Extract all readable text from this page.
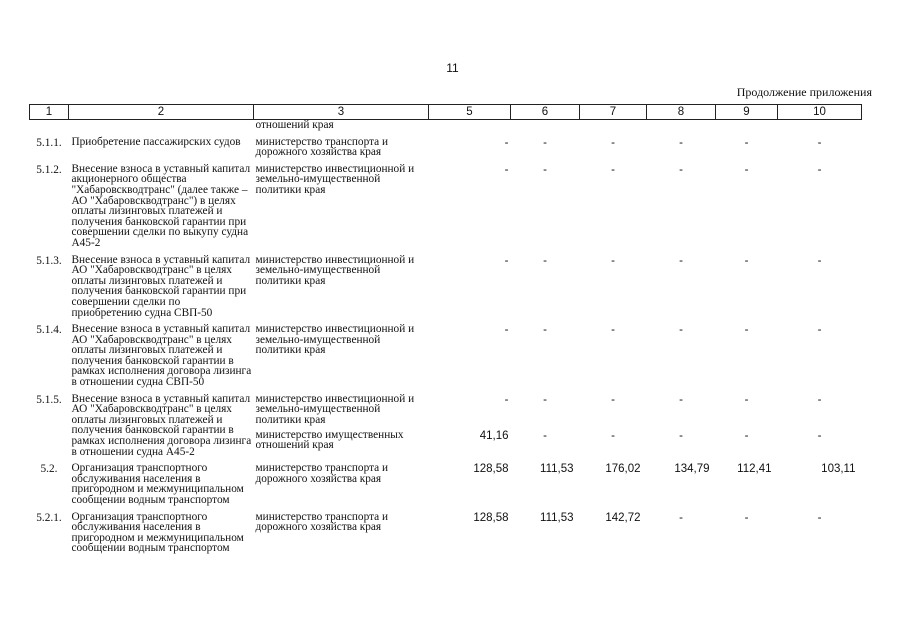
11
Продолжение приложения
1	2	3	5	6	7	8	9	10
		отношений края						

5.1.1.	Приобретение пассажирских судов	министерство транспорта и дорожного хозяйства края	-	-	-	-	-	-

5.1.2.	Внесение взноса в уставный капитал акционерного общества "Хабаровскводтранс" (далее также – АО "Хабаровскводтранс") в целях оплаты лизинговых платежей и получения банковской гарантии при совершении сделки по выкупу судна А45-2	министерство инвестиционной и земельно-имущественной политики края	-	-	-	-	-	-

5.1.3.	Внесение взноса в уставный капитал АО "Хабаровскводтранс" в целях оплаты лизинговых платежей и получения банковской гарантии при совершении сделки по приобретению судна СВП-50	министерство инвестиционной и земельно-имущественной политики края	-	-	-	-	-	-

5.1.4.	Внесение взноса в уставный капитал АО "Хабаровскводтранс" в целях оплаты лизинговых платежей и получения банковской гарантии в рамках исполнения договора лизинга в отношении судна СВП-50	министерство инвестиционной и земельно-имущественной политики края	-	-	-	-	-	-

5.1.5.	Внесение взноса в уставный капитал АО "Хабаровскводтранс" в целях оплаты лизинговых платежей и получения банковской гарантии в рамках исполнения договора лизинга в отношении судна А45-2	министерство инвестиционной и земельно-имущественной политики края	-	-	-	-	-	-
		министерство имущественных отношений края	41,16	-	-	-	-	-

5.2.	Организация транспортного обслуживания населения в пригородном и межмуниципальном сообщении водным транспортом	министерство транспорта и дорожного хозяйства края	128,58	111,53	176,02	134,79	112,41	103,11

5.2.1.	Организация транспортного обслуживания населения в пригородном и межмуниципальном сообщении водным транспортом	министерство транспорта и дорожного хозяйства края	128,58	111,53	142,72	-	-	-
